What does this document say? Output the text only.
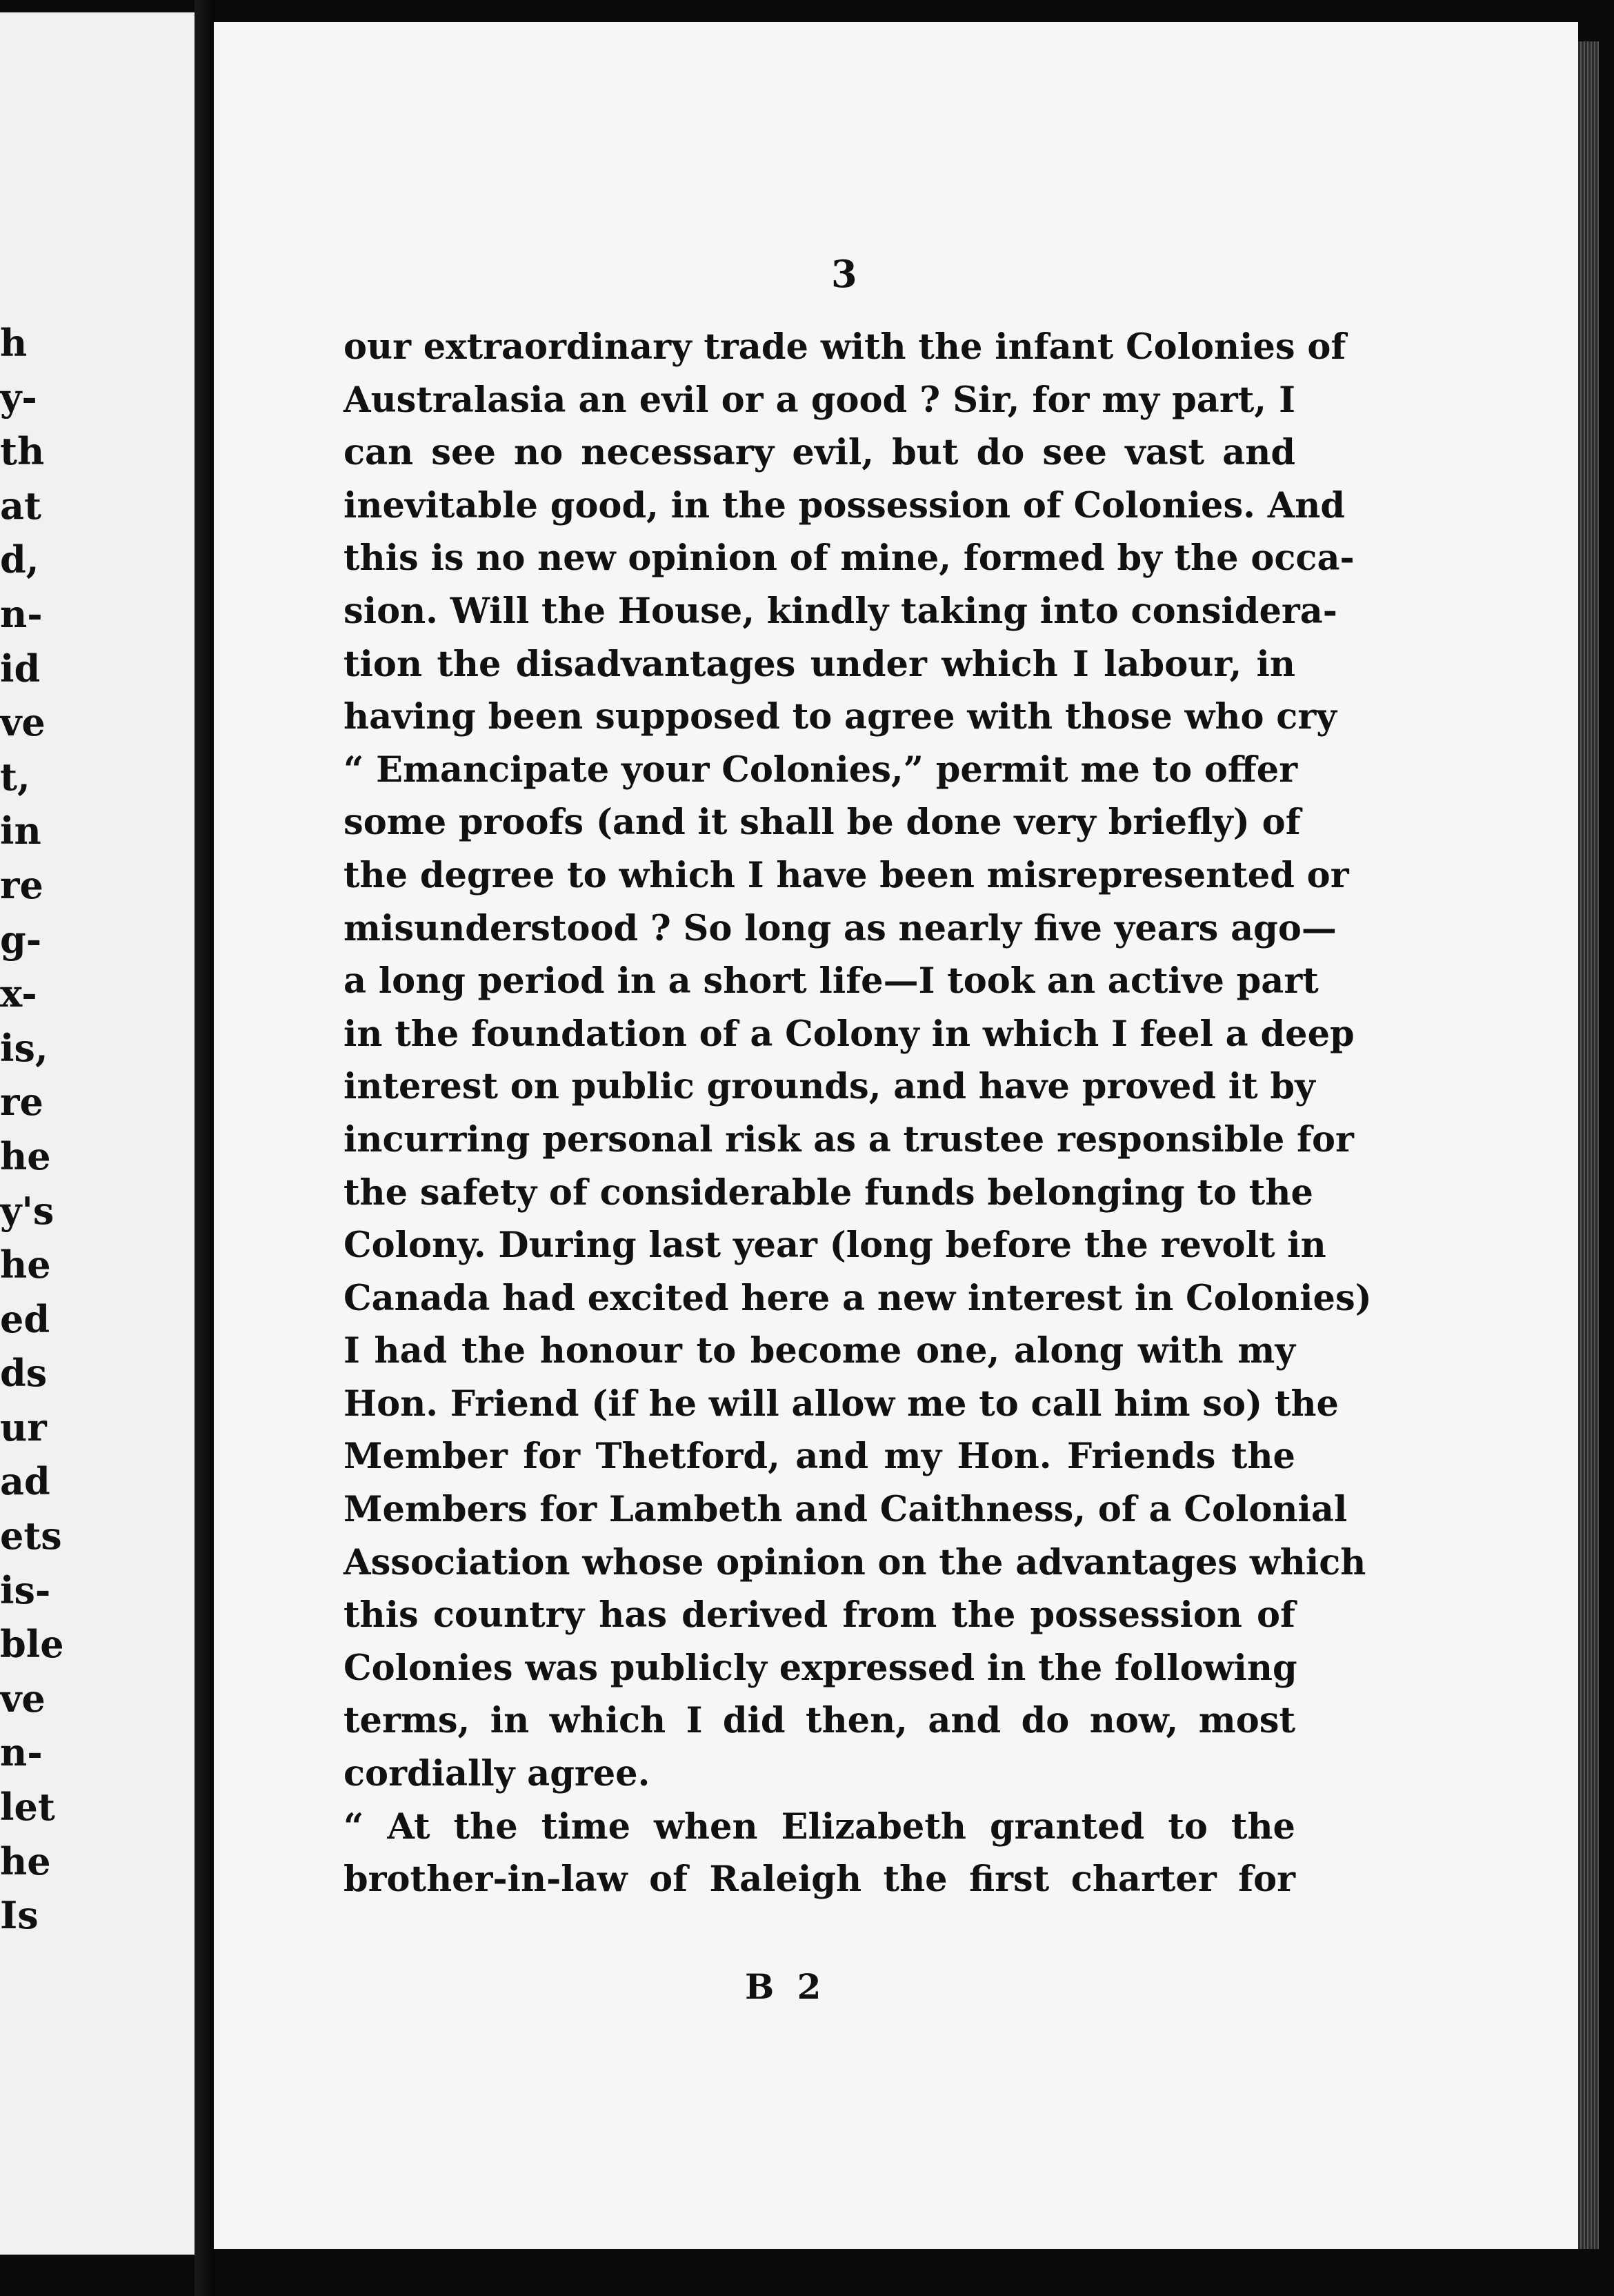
h
y-
th
at
d,
n-
id
ve
t,
in
re
g-
x-
is,
re
he
y's
he
ed
ds
ur
ad
ets
is-
ble
ve
n-
let
he
Is
3
our extraordinary trade with the infant Colonies of
Australasia an evil or a good ? Sir, for my part, I
can see no necessary evil, but do see vast and
inevitable good, in the possession of Colonies. And
this is no new opinion of mine, formed by the occa-
sion. Will the House, kindly taking into considera-
tion the disadvantages under which I labour, in
having been supposed to agree with those who cry
“ Emancipate your Colonies,” permit me to offer
some proofs (and it shall be done very briefly) of
the degree to which I have been misrepresented or
misunderstood ? So long as nearly five years ago—
a long period in a short life—I took an active part
in the foundation of a Colony in which I feel a deep
interest on public grounds, and have proved it by
incurring personal risk as a trustee responsible for
the safety of considerable funds belonging to the
Colony. During last year (long before the revolt in
Canada had excited here a new interest in Colonies)
I had the honour to become one, along with my
Hon. Friend (if he will allow me to call him so) the
Member for Thetford, and my Hon. Friends the
Members for Lambeth and Caithness, of a Colonial
Association whose opinion on the advantages which
this country has derived from the possession of
Colonies was publicly expressed in the following
terms, in which I did then, and do now, most
cordially agree.
“ At the time when Elizabeth granted to the
brother-in-law of Raleigh the first charter for
B 2
